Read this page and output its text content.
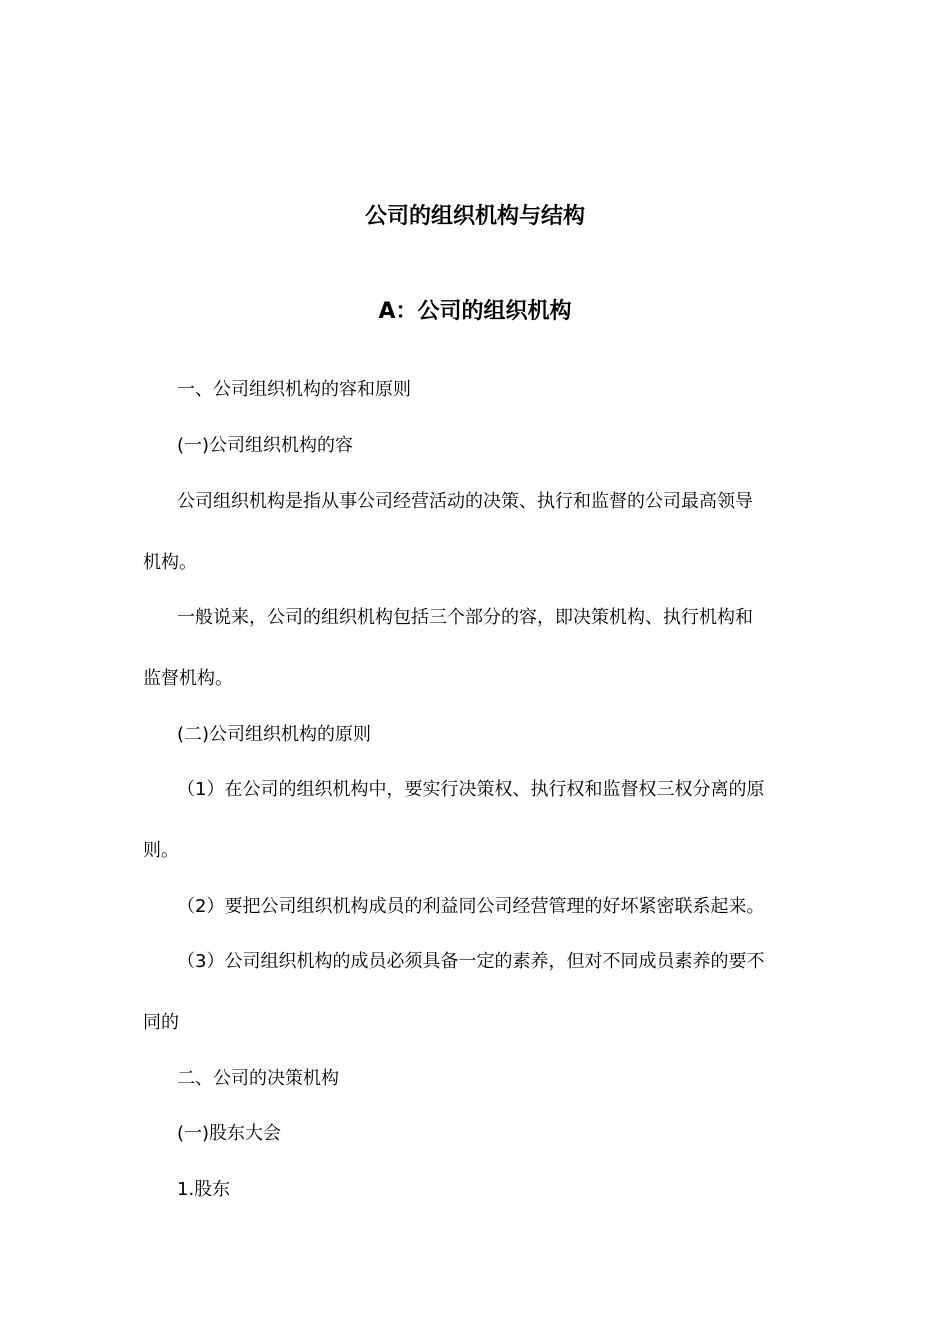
公司的组织机构与结构
A：公司的组织机构
一、公司组织机构的容和原则
(一)公司组织机构的容
公司组织机构是指从事公司经营活动的决策、执行和监督的公司最高领导
机构。
一般说来，公司的组织机构包括三个部分的容，即决策机构、执行机构和
监督机构。
(二)公司组织机构的原则
（1）在公司的组织机构中，要实行决策权、执行权和监督权三权分离的原
则。
（2）要把公司组织机构成员的利益同公司经营管理的好坏紧密联系起来。
（3）公司组织机构的成员必须具备一定的素养，但对不同成员素养的要不
同的
二、公司的决策机构
(一)股东大会
1.股东
